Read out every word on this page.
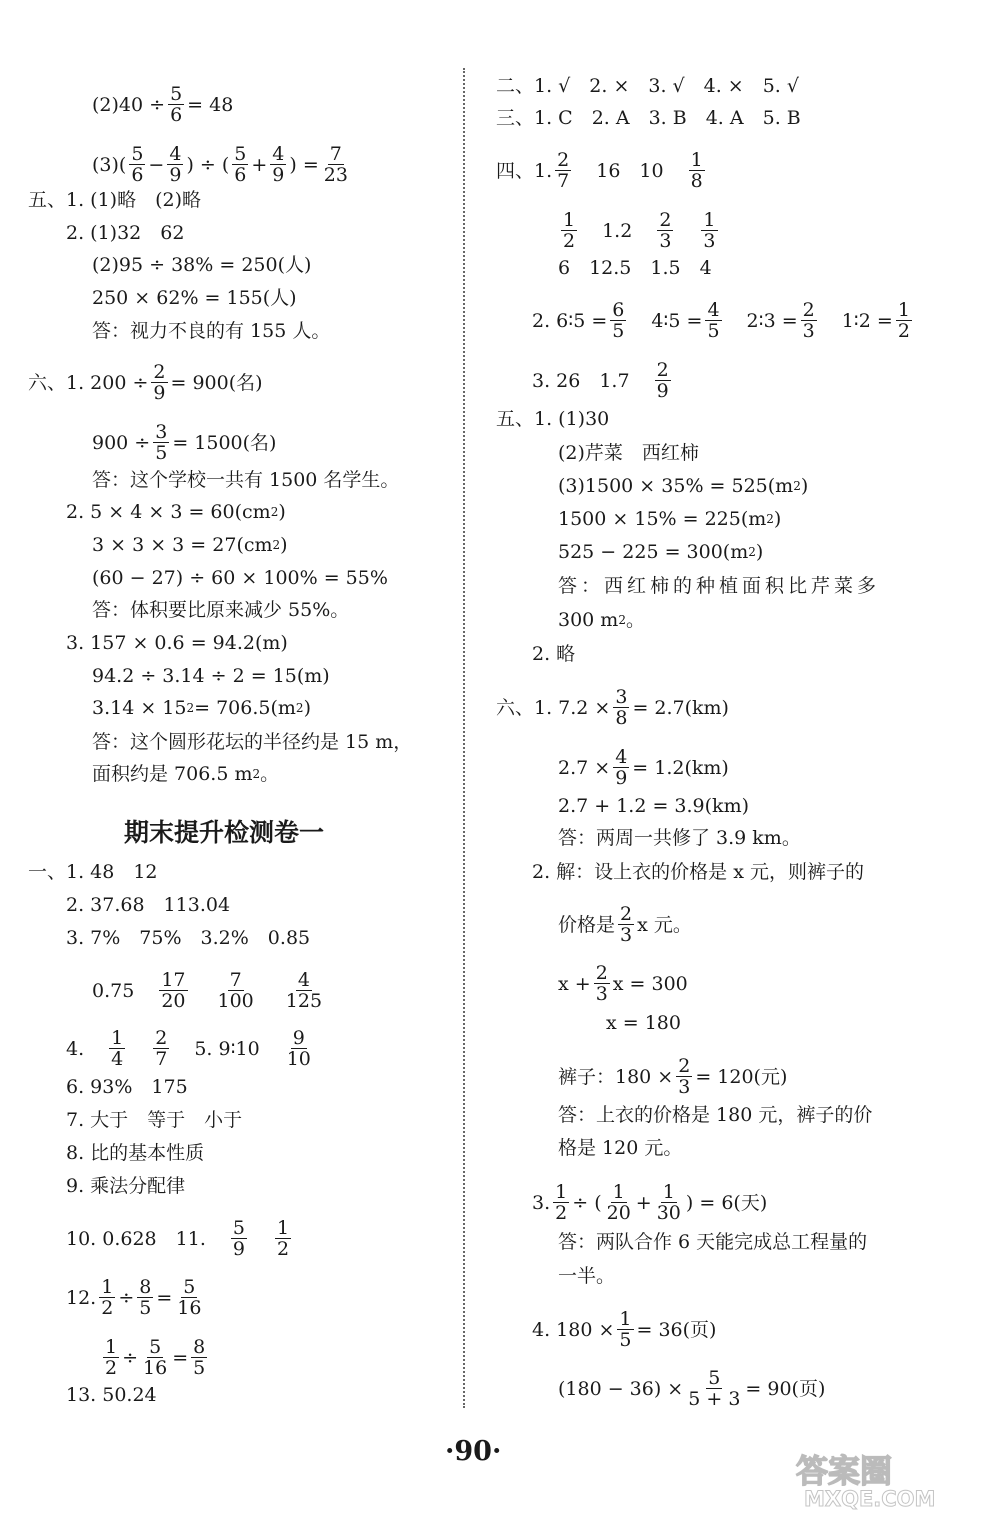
$(2)40 \div \frac{5}{6} = 48$
$(3)( \frac{5}{6} - \frac{4}{9}$ ) ÷ ( $\frac{5}{6} + \frac{4}{9}$ ) = $\frac{7}{23}$
五、1. (1)略　(2)略
2. (1)32　62
(2)95 ÷ 38% = 250(人)
250 × 62% = 155(人)
答：视力不良的有 155 人。
六、1. $200 \div \frac{2}{9} = 900$(名)
$900 \div \frac{3}{5} = 1500$(名)
答：这个学校一共有 1500 名学生。
2. 5 × 4 × 3 = 60(cm 2 )
3 × 3 × 3 = 27(cm 2 )
(60 − 27) ÷ 60 × 100% = 55%
答：体积要比原来减少 55%。
3. 157 × 0.6 = 94.2(m)
94.2 ÷ 3.14 ÷ 2 = 15(m)
3.14 × 15 2 = 706.5(m 2 )
答：这个圆形花坛的半径约是 15 m，
面积约是 706.5 m 2 。
期末提升检测卷一
一、1. 48　12
2. 37.68　113.04
3. 7%　75%　3.2%　0.85
$0.75 \frac{17}{20} \frac{7}{100} \frac{4}{125}$
4. $\frac{1}{4} \frac{2}{7} 5$. 9∶10 $\frac{9}{10}$
6. 93%　175
7. 大于　等于　小于
8. 比的基本性质
9. 乘法分配律
10. 0.628　11. $\frac{5}{9} \frac{1}{2}$
12. $\frac{1}{2} \div \frac{8}{5} = \frac{5}{16}$
$\frac{1}{2} \div \frac{5}{16} = \frac{8}{5}$
13. 50.24
二、1. √　2. ×　3. √　4. ×　5. √
三、1. C　2. A　3. B　4. A　5. B
四、1. $\frac{2}{7} 16$　$10 \frac{1}{8}$
$\frac{1}{2} 1.2 \frac{2}{3} \frac{1}{3}$
6　12.5　1.5　4
2. 6∶5 = $\frac{6}{5}$ 4∶5 = $\frac{4}{5}$ 2∶3 = $\frac{2}{3}$ 1∶2 = $\frac{1}{2}$
3. 26　$1.7 \frac{2}{9}$
五、1. (1)30
(2)芹菜　西红柿
(3)1500 × 35% = 525(m 2 )
1500 × 15% = 225(m 2 )
525 − 225 = 300(m 2 )
答：西红柿的种植面积比芹菜多
300 m 2 。
2. 略
六、1. $7.2 \times \frac{3}{8} = 2.7(km)$
$2.7 \times \frac{4}{9} = 1.2(km)$
2.7 + 1.2 = 3.9(km)
答：两周一共修了 3.9 km。
2. 解：设上衣的价格是 x 元，则裤子的
价格是 $\frac{2}{3}$ x 元。
$x + \frac{2}{3}$ x = 300
x = 180
裤子：$180 \times \frac{2}{3} = 120$(元)
答：上衣的价格是 180 元，裤子的价
格是 120 元。
3. $\frac{1}{2}$ ÷ ( $\frac{1}{20} + \frac{1}{30}$ ) = 6(天)
答：两队合作 6 天能完成总工程量的
一半。
4. $180 \times \frac{1}{5} = 36$(页)
$(180 - 36) \times \frac{5}{5 + 3} = 90$(页)
·90·
答案圈
MXQE.COM
